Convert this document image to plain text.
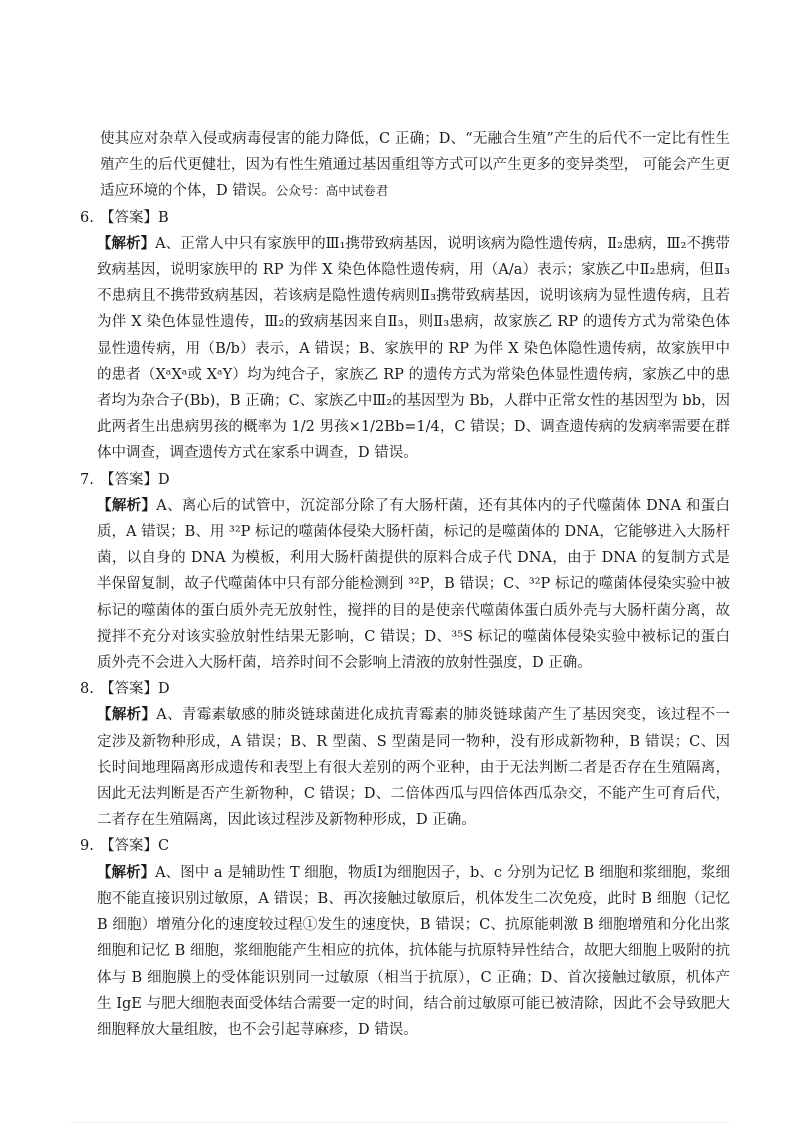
使其应对杂草入侵或病毒侵害的能力降低，C 正确；D、“无融合生殖”产生的后代不一定比有性生殖产生的后代更健壮，因为有性生殖通过基因重组等方式可以产生更多的变异类型， 可能会产生更适应环境的个体，D 错误。公众号：高中试卷君

6. 【答案】B

【解析】A、正常人中只有家族甲的Ⅲ₁携带致病基因，说明该病为隐性遗传病，Ⅱ₂患病，Ⅲ₂不携带致病基因，说明家族甲的 RP 为伴 X 染色体隐性遗传病，用（A/a）表示；家族乙中Ⅱ₂患病，但Ⅱ₃不患病且不携带致病基因，若该病是隐性遗传病则Ⅱ₃携带致病基因，说明该病为显性遗传病，且若为伴 X 染色体显性遗传，Ⅲ₂的致病基因来自Ⅱ₃，则Ⅱ₃患病，故家族乙 RP 的遗传方式为常染色体显性遗传病，用（B/b）表示，A 错误；B、家族甲的 RP 为伴 X 染色体隐性遗传病，故家族甲中的患者（XᵃXᵃ或 XᵃY）均为纯合子，家族乙 RP 的遗传方式为常染色体显性遗传病，家族乙中的患者均为杂合子(Bb)，B 正确；C、家族乙中Ⅲ₂的基因型为 Bb，人群中正常女性的基因型为 bb，因此两者生出患病男孩的概率为 1/2 男孩×1/2Bb=1/4，C 错误；D、调查遗传病的发病率需要在群体中调查，调查遗传方式在家系中调查，D 错误。

7. 【答案】D

【解析】A、离心后的试管中，沉淀部分除了有大肠杆菌，还有其体内的子代噬菌体 DNA 和蛋白质，A 错误；B、用 ³²P 标记的噬菌体侵染大肠杆菌，标记的是噬菌体的 DNA，它能够进入大肠杆菌，以自身的 DNA 为模板，利用大肠杆菌提供的原料合成子代 DNA，由于 DNA 的复制方式是半保留复制，故子代噬菌体中只有部分能检测到 ³²P，B 错误；C、³²P 标记的噬菌体侵染实验中被标记的噬菌体的蛋白质外壳无放射性，搅拌的目的是使亲代噬菌体蛋白质外壳与大肠杆菌分离，故搅拌不充分对该实验放射性结果无影响，C 错误；D、³⁵S 标记的噬菌体侵染实验中被标记的蛋白质外壳不会进入大肠杆菌，培养时间不会影响上清液的放射性强度，D 正确。

8. 【答案】D

【解析】A、青霉素敏感的肺炎链球菌进化成抗青霉素的肺炎链球菌产生了基因突变，该过程不一定涉及新物种形成，A 错误；B、R 型菌、S 型菌是同一物种，没有形成新物种，B 错误；C、因长时间地理隔离形成遗传和表型上有很大差别的两个亚种，由于无法判断二者是否存在生殖隔离，因此无法判断是否产生新物种，C 错误；D、二倍体西瓜与四倍体西瓜杂交，不能产生可育后代，二者存在生殖隔离，因此该过程涉及新物种形成，D 正确。

9. 【答案】C

【解析】A、图中 a 是辅助性 T 细胞，物质Ⅰ为细胞因子，b、c 分别为记忆 B 细胞和浆细胞，浆细胞不能直接识别过敏原，A 错误；B、再次接触过敏原后，机体发生二次免疫，此时 B 细胞（记忆 B 细胞）增殖分化的速度较过程①发生的速度快，B 错误；C、抗原能刺激 B 细胞增殖和分化出浆细胞和记忆 B 细胞，浆细胞能产生相应的抗体，抗体能与抗原特异性结合，故肥大细胞上吸附的抗体与 B 细胞膜上的受体能识别同一过敏原（相当于抗原），C 正确；D、首次接触过敏原，机体产生 IgE 与肥大细胞表面受体结合需要一定的时间，结合前过敏原可能已被清除，因此不会导致肥大细胞释放大量组胺，也不会引起荨麻疹，D 错误。
